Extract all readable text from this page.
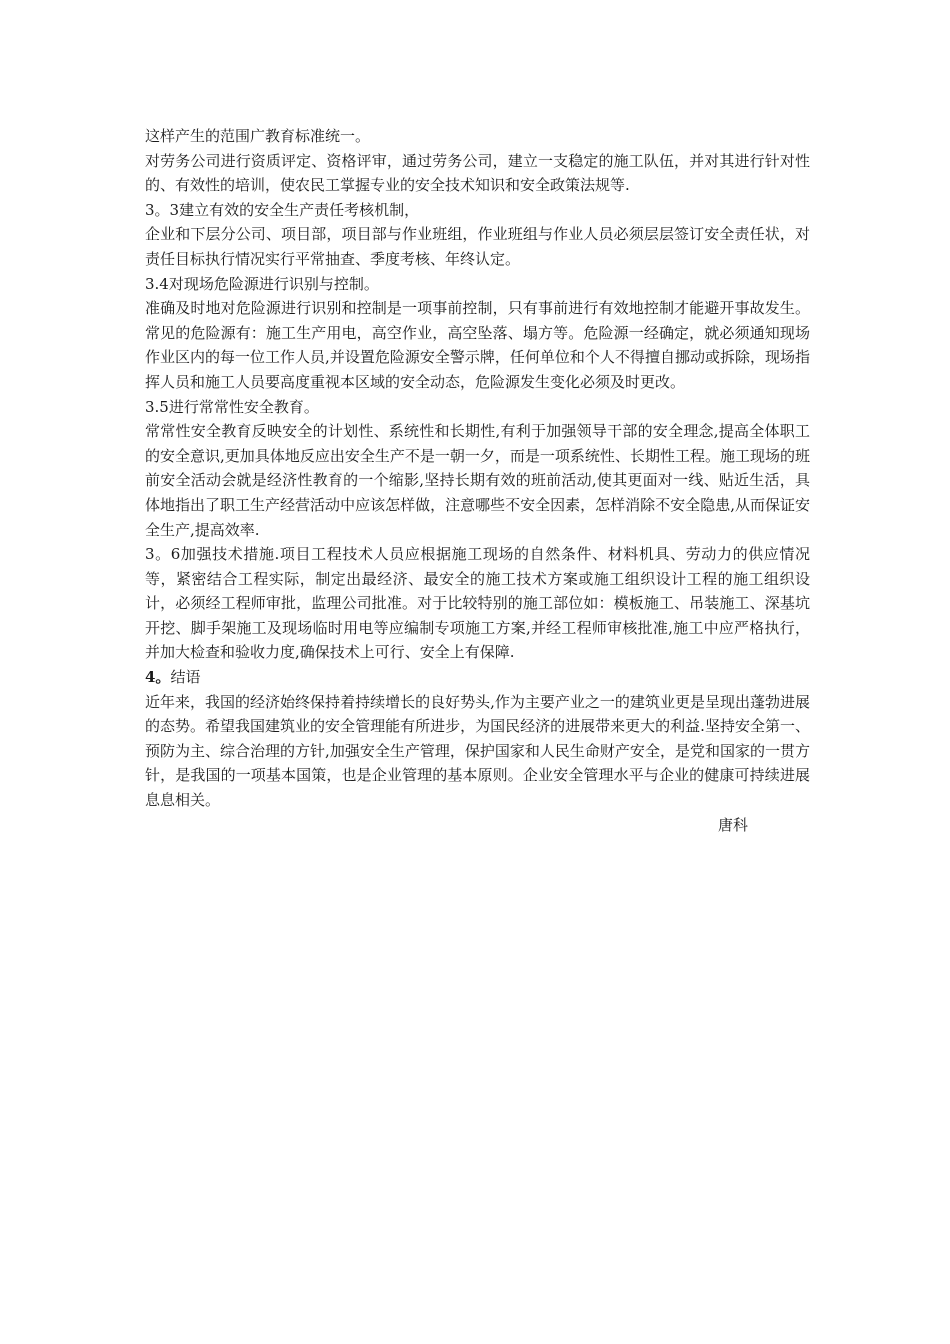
这样产生的范围广教育标准统一。

对劳务公司进行资质评定、资格评审，通过劳务公司，建立一支稳定的施工队伍，并对其进行针对性的、有效性的培训，使农民工掌握专业的安全技术知识和安全政策法规等.

3。3建立有效的安全生产责任考核机制，

企业和下层分公司、项目部，项目部与作业班组，作业班组与作业人员必须层层签订安全责任状，对责任目标执行情况实行平常抽查、季度考核、年终认定。

3.4对现场危险源进行识别与控制。

准确及时地对危险源进行识别和控制是一项事前控制，只有事前进行有效地控制才能避开事故发生。常见的危险源有：施工生产用电，高空作业，高空坠落、塌方等。危险源一经确定，就必须通知现场作业区内的每一位工作人员,并设置危险源安全警示牌，任何单位和个人不得擅自挪动或拆除，现场指挥人员和施工人员要高度重视本区域的安全动态，危险源发生变化必须及时更改。

3.5进行常常性安全教育。

常常性安全教育反映安全的计划性、系统性和长期性,有利于加强领导干部的安全理念,提高全体职工的安全意识,更加具体地反应出安全生产不是一朝一夕，而是一项系统性、长期性工程。施工现场的班前安全活动会就是经济性教育的一个缩影,坚持长期有效的班前活动,使其更面对一线、贴近生活，具体地指出了职工生产经营活动中应该怎样做，注意哪些不安全因素，怎样消除不安全隐患,从而保证安全生产,提高效率.

3。6加强技术措施.项目工程技术人员应根据施工现场的自然条件、材料机具、劳动力的供应情况等，紧密结合工程实际，制定出最经济、最安全的施工技术方案或施工组织设计工程的施工组织设计，必须经工程师审批，监理公司批准。对于比较特别的施工部位如：模板施工、吊装施工、深基坑开挖、脚手架施工及现场临时用电等应编制专项施工方案,并经工程师审核批准,施工中应严格执行，并加大检查和验收力度,确保技术上可行、安全上有保障.

4。结语

近年来，我国的经济始终保持着持续增长的良好势头,作为主要产业之一的建筑业更是呈现出蓬勃进展的态势。希望我国建筑业的安全管理能有所进步，为国民经济的进展带来更大的利益.坚持安全第一、预防为主、综合治理的方针,加强安全生产管理，保护国家和人民生命财产安全，是党和国家的一贯方针，是我国的一项基本国策，也是企业管理的基本原则。企业安全管理水平与企业的健康可持续进展息息相关。

唐科
